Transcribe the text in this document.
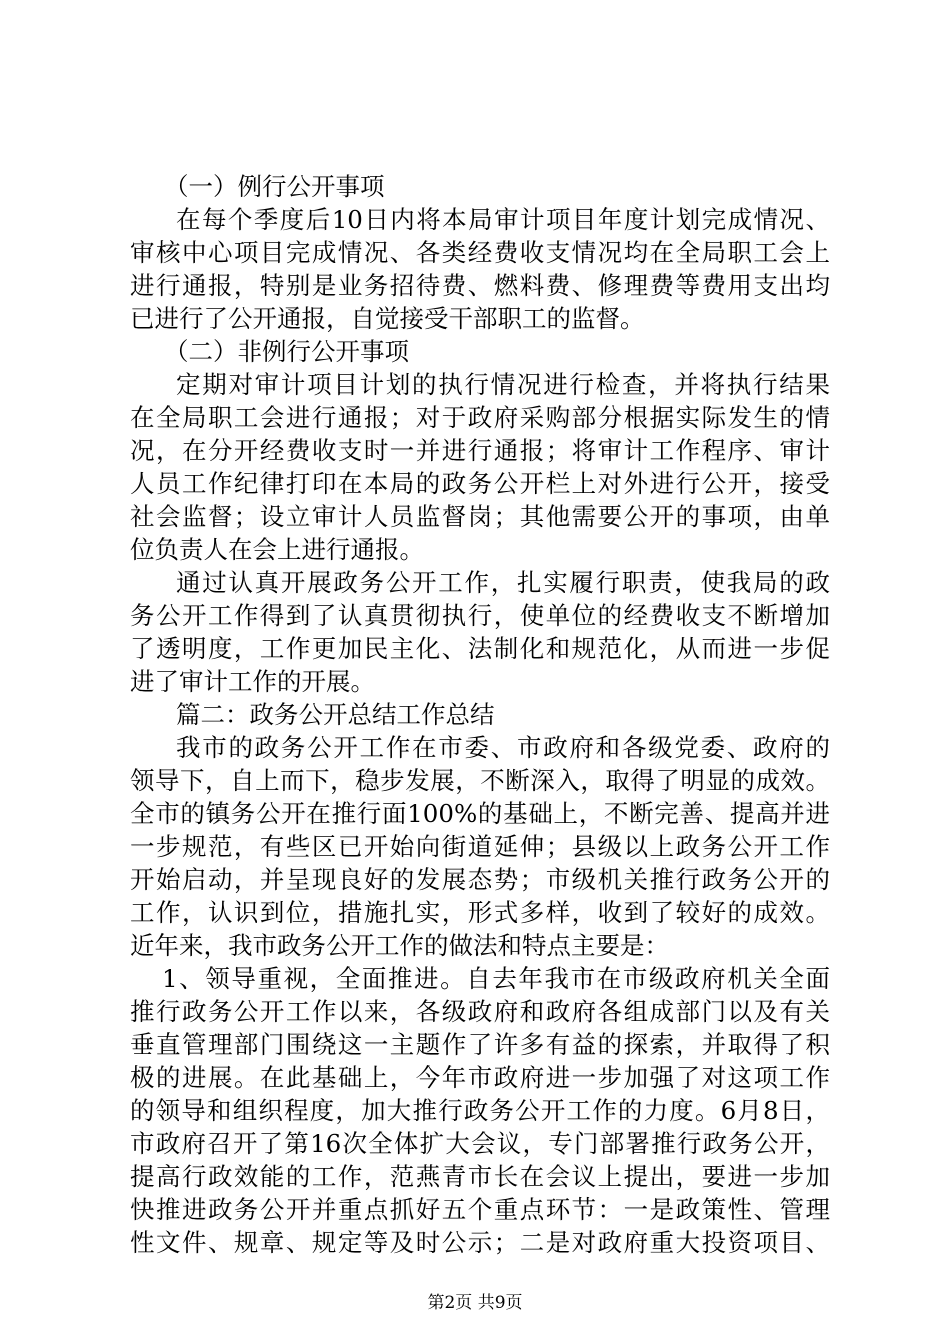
（一）例行公开事项
在每个季度后10日内将本局审计项目年度计划完成情况、
审核中心项目完成情况、各类经费收支情况均在全局职工会上
进行通报，特别是业务招待费、燃料费、修理费等费用支出均
已进行了公开通报，自觉接受干部职工的监督。
（二）非例行公开事项
定期对审计项目计划的执行情况进行检查，并将执行结果
在全局职工会进行通报；对于政府采购部分根据实际发生的情
况，在分开经费收支时一并进行通报；将审计工作程序、审计
人员工作纪律打印在本局的政务公开栏上对外进行公开，接受
社会监督；设立审计人员监督岗；其他需要公开的事项，由单
位负责人在会上进行通报。
通过认真开展政务公开工作，扎实履行职责，使我局的政
务公开工作得到了认真贯彻执行，使单位的经费收支不断增加
了透明度，工作更加民主化、法制化和规范化，从而进一步促
进了审计工作的开展。
篇二：政务公开总结工作总结
我市的政务公开工作在市委、市政府和各级党委、政府的
领导下，自上而下，稳步发展，不断深入，取得了明显的成效。
全市的镇务公开在推行面100%的基础上，不断完善、提高并进
一步规范，有些区已开始向街道延伸；县级以上政务公开工作
开始启动，并呈现良好的发展态势；市级机关推行政务公开的
工作，认识到位，措施扎实，形式多样，收到了较好的成效。
近年来，我市政务公开工作的做法和特点主要是：
1、领导重视，全面推进。自去年我市在市级政府机关全面
推行政务公开工作以来，各级政府和政府各组成部门以及有关
垂直管理部门围绕这一主题作了许多有益的探索，并取得了积
极的进展。在此基础上，今年市政府进一步加强了对这项工作
的领导和组织程度，加大推行政务公开工作的力度。6月8日，
市政府召开了第16次全体扩大会议，专门部署推行政务公开，
提高行政效能的工作，范燕青市长在会议上提出，要进一步加
快推进政务公开并重点抓好五个重点环节：一是政策性、管理
性文件、规章、规定等及时公示；二是对政府重大投资项目、
第2页 共9页
